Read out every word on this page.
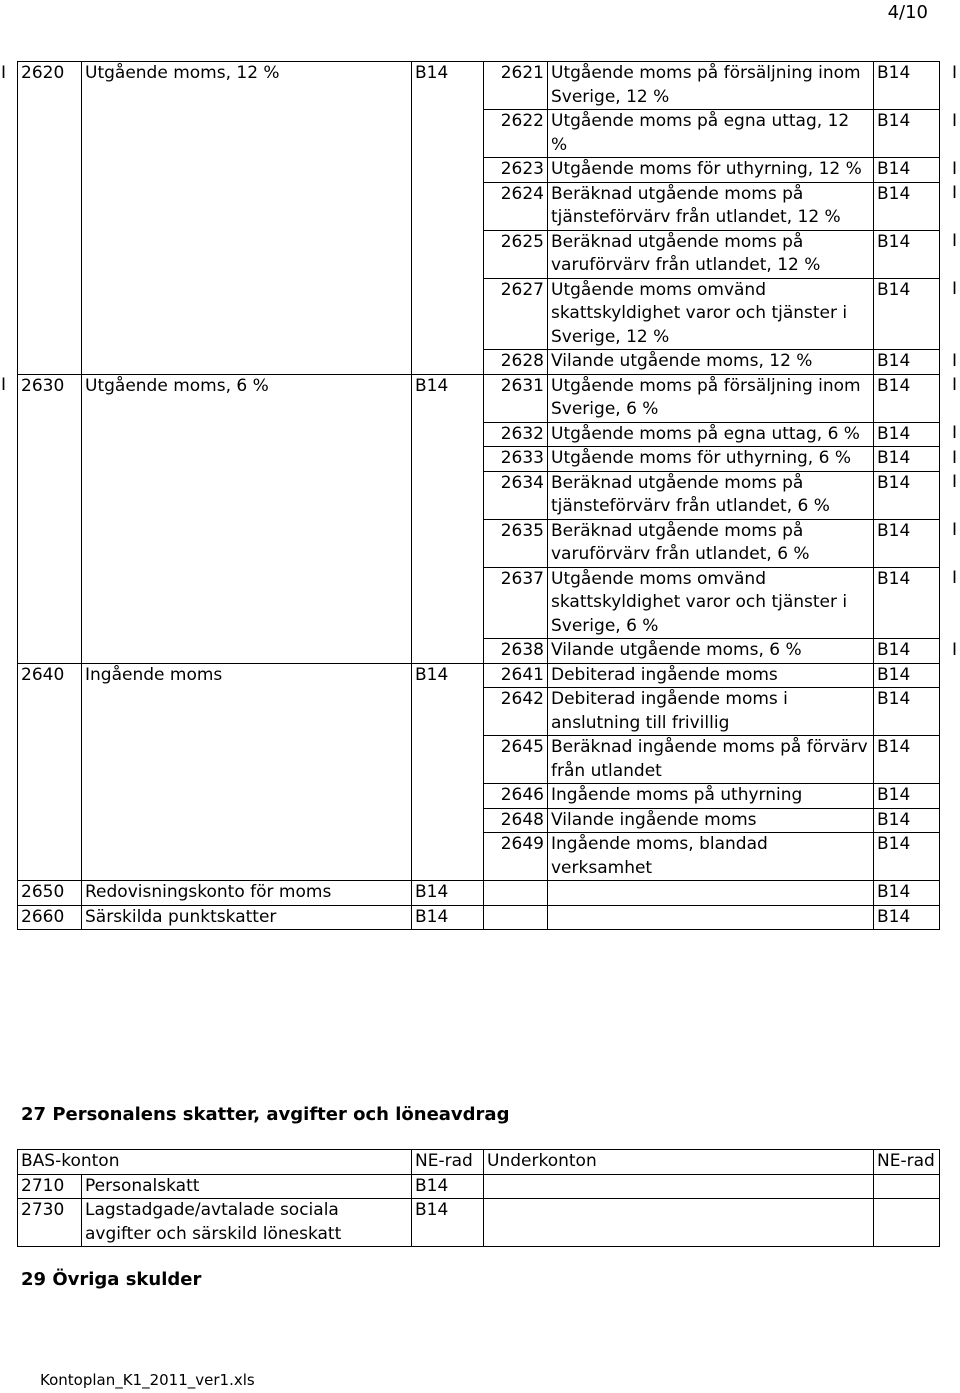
4/10
2620	Utgående moms, 12 %	B14	2621	Utgående moms på försäljning inom Sverige, 12 %	B14
			2622	Utgående moms på egna uttag, 12 %	B14
			2623	Utgående moms för uthyrning, 12 %	B14
			2624	Beräknad utgående moms på tjänsteförvärv från utlandet, 12 %	B14
			2625	Beräknad utgående moms på varuförvärv från utlandet, 12 %	B14
			2627	Utgående moms omvänd skattskyldighet varor och tjänster i Sverige, 12 %	B14
			2628	Vilande utgående moms, 12 %	B14
2630	Utgående moms, 6 %	B14	2631	Utgående moms på försäljning inom Sverige, 6 %	B14
			2632	Utgående moms på egna uttag, 6 %	B14
			2633	Utgående moms för uthyrning, 6 %	B14
			2634	Beräknad utgående moms på tjänsteförvärv från utlandet, 6 %	B14
			2635	Beräknad utgående moms på varuförvärv från utlandet, 6 %	B14
			2637	Utgående moms omvänd skattskyldighet varor och tjänster i Sverige, 6 %	B14
			2638	Vilande utgående moms, 6 %	B14
2640	Ingående moms	B14	2641	Debiterad ingående moms	B14
			2642	Debiterad ingående moms i anslutning till frivillig	B14
			2645	Beräknad ingående moms på förvärv från utlandet	B14
			2646	Ingående moms på uthyrning	B14
			2648	Vilande ingående moms	B14
			2649	Ingående moms, blandad verksamhet	B14
2650	Redovisningskonto för moms	B14			B14
2660	Särskilda punktskatter	B14			B14
27 Personalens skatter, avgifter och löneavdrag
BAS-konton		NE-rad	Underkonton	NE-rad
2710	Personalskatt	B14		
2730	Lagstadgade/avtalade sociala avgifter och särskild löneskatt	B14		
29 Övriga skulder
Kontoplan_K1_2011_ver1.xls
I
I
I
I
I
I
I
I
I
I
I
I
I
I
I
I
